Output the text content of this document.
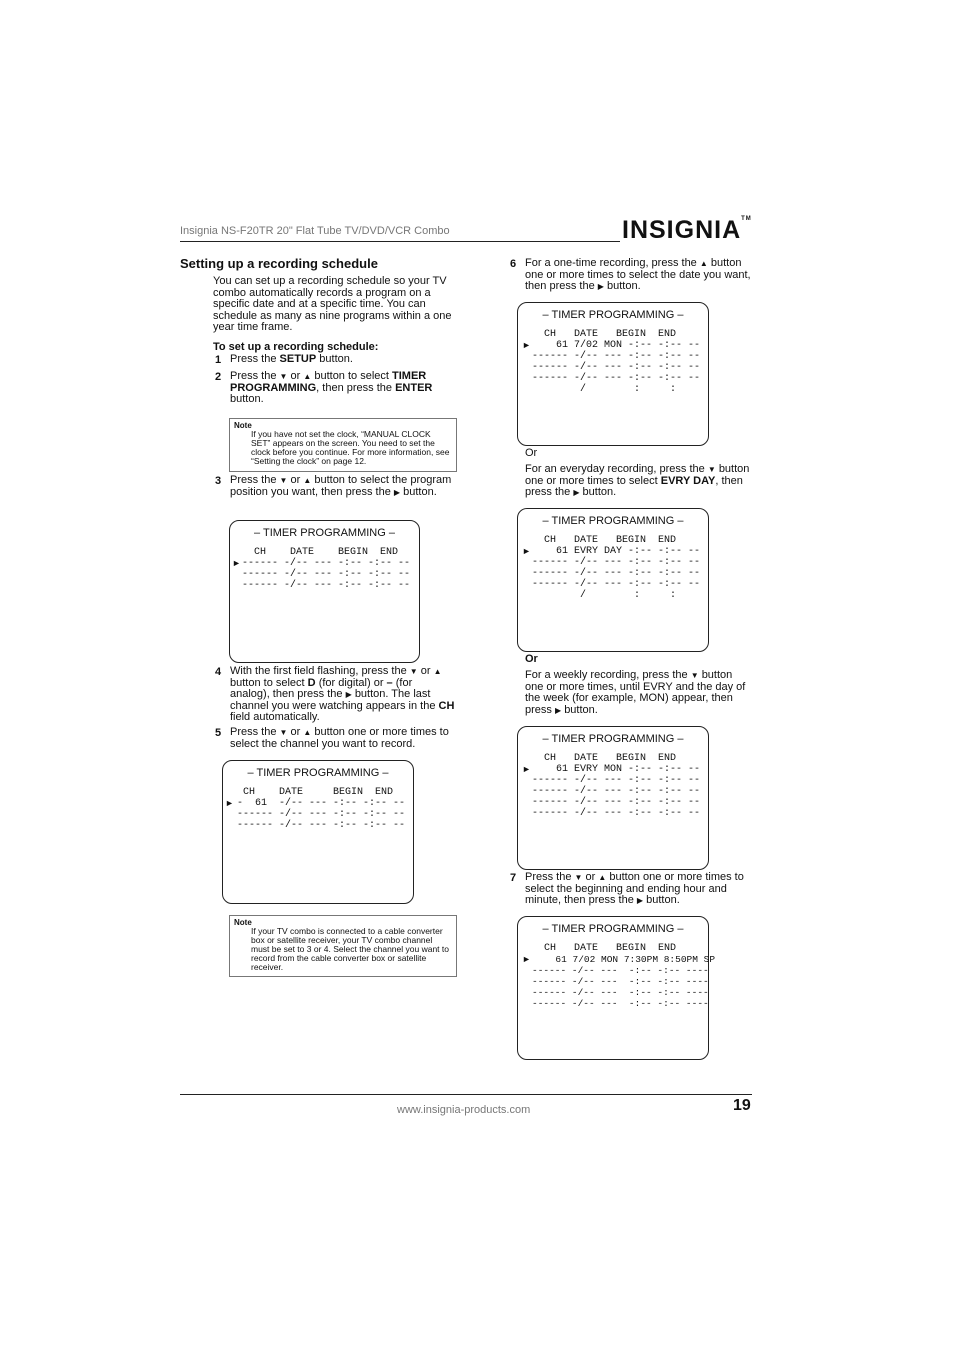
Insignia NS-F20TR 20" Flat Tube TV/DVD/VCR Combo	INSIGNIA™
Setting up a recording schedule
You can set up a recording schedule so your TV combo automatically records a program on a specific date and at a specific time. You can schedule as many as nine programs within a one year time frame.
To set up a recording schedule:
1 Press the SETUP button.
2 Press the ▼ or ▲ button to select TIMER PROGRAMMING, then press the ENTER button.
Note
If you have not set the clock, “MANUAL CLOCK SET” appears on the screen. You need to set the clock before you continue. For more information, see “Setting the clock” on page 12.
3 Press the ▼ or ▲ button to select the program position you want, then press the ▶ button.
– TIMER PROGRAMMING –
CH    DATE    BEGIN  END
► ------ -/-- --- -:-- -:-- --
------ -/-- --- -:-- -:-- --
------ -/-- --- -:-- -:-- --
4 With the first field flashing, press the ▼ or ▲ button to select D (for digital) or – (for analog), then press the ▶ button. The last channel you were watching appears in the CH field automatically.
5 Press the ▼ or ▲ button one or more times to select the channel you want to record.
– TIMER PROGRAMMING –
CH    DATE     BEGIN  END
► -  61  -/-- --- -:-- -:-- --
------ -/-- --- -:-- -:-- --
------ -/-- --- -:-- -:-- --
Note
If your TV combo is connected to a cable converter box or satellite receiver, your TV combo channel must be set to 3 or 4. Select the channel you want to record from the cable converter box or satellite receiver.
6 For a one-time recording, press the ▲ button one or more times to select the date you want, then press the ▶ button.
– TIMER PROGRAMMING –
CH   DATE   BEGIN  END
► 61 7/02 MON -:-- -:-- --
------ -/-- --- -:-- -:-- --
------ -/-- --- -:-- -:-- --
------ -/-- --- -:-- -:-- --
/        :     :
Or
For an everyday recording, press the ▼ button one or more times to select EVRY DAY, then press the ▶ button.
– TIMER PROGRAMMING –
CH   DATE   BEGIN  END
► 61 EVRY DAY -:-- -:-- --
------ -/-- --- -:-- -:-- --
------ -/-- --- -:-- -:-- --
------ -/-- --- -:-- -:-- --
/        :     :
Or
For a weekly recording, press the ▼ button one or more times, until EVRY and the day of the week (for example, MON) appear, then press ▶ button.
– TIMER PROGRAMMING –
CH   DATE   BEGIN  END
► 61 EVRY MON -:-- -:-- --
------ -/-- --- -:-- -:-- --
------ -/-- --- -:-- -:-- --
------ -/-- --- -:-- -:-- --
------ -/-- --- -:-- -:-- --
7 Press the ▼ or ▲ button one or more times to select the beginning and ending hour and minute, then press the ▶ button.
– TIMER PROGRAMMING –
CH   DATE   BEGIN  END
► 61 7/02 MON 7:30PM 8:50PM SP
------ -/-- ---  -:-- -:-- ----
------ -/-- ---  -:-- -:-- ----
------ -/-- ---  -:-- -:-- ----
------ -/-- ---  -:-- -:-- ----
www.insignia-products.com	19
